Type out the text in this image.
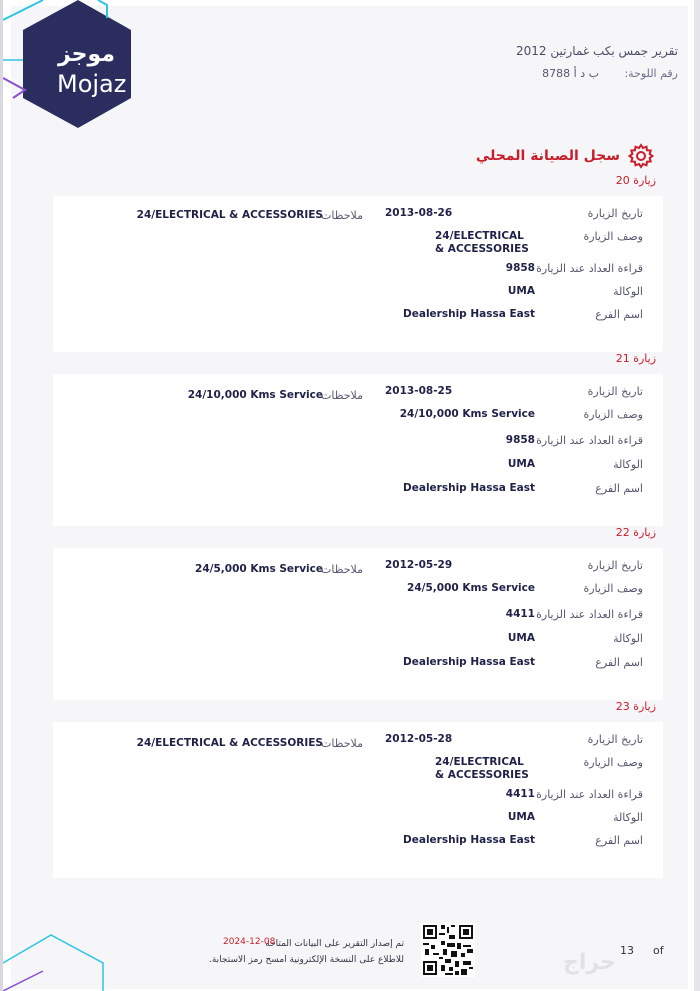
موجز
Mojaz
تقرير جمس بكب غمارتين 2012
رقم اللوحة: ب د أ 8788
سجل الصيانة المحلي
زيارة 20
تاريخ الزيارة
2013-08-26
وصف الزيارة
24/ELECTRICAL & ACCESSORIES
قراءة العداد عند الزيارة
9858
الوكالة
UMA
اسم الفرع
Dealership Hassa East
ملاحظات
24/ELECTRICAL & ACCESSORIES
زيارة 21
تاريخ الزيارة
2013-08-25
وصف الزيارة
24/10,000 Kms Service
قراءة العداد عند الزيارة
9858
الوكالة
UMA
اسم الفرع
Dealership Hassa East
ملاحظات
24/10,000 Kms Service
زيارة 22
تاريخ الزيارة
2012-05-29
وصف الزيارة
24/5,000 Kms Service
قراءة العداد عند الزيارة
4411
الوكالة
UMA
اسم الفرع
Dealership Hassa East
ملاحظات
24/5,000 Kms Service
زيارة 23
تاريخ الزيارة
2012-05-28
وصف الزيارة
24/ELECTRICAL & ACCESSORIES
قراءة العداد عند الزيارة
4411
الوكالة
UMA
اسم الفرع
Dealership Hassa East
ملاحظات
24/ELECTRICAL & ACCESSORIES
تم إصدار التقرير على البيانات المتاحة
للاطلاع على النسخة الإلكترونية امسح رمز الاستجابة.
2024-12-08
13 of
حراج
